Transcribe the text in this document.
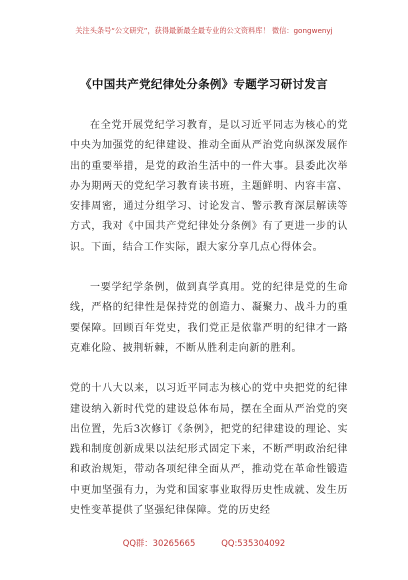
关注头条号“公文研究”，获得最新最全最专业的公文资料库！ 微信：gongwenyj
《中国共产党纪律处分条例》专题学习研讨发言

在全党开展党纪学习教育，是以习近平同志为核心的党中央为加强党的纪律建设、推动全面从严治党向纵深发展作出的重要举措，是党的政治生活中的一件大事。县委此次举办为期两天的党纪学习教育读书班，主题鲜明、内容丰富、安排周密，通过分组学习、讨论发言、警示教育深层解读等方式，我对《中国共产党纪律处分条例》有了更进一步的认识。下面，结合工作实际，跟大家分享几点心得体会。

一要学纪学条例，做到真学真用。党的纪律是党的生命线，严格的纪律性是保持党的创造力、凝聚力、战斗力的重要保障。回顾百年党史，我们党正是依靠严明的纪律才一路克难化险、披荆斩棘，不断从胜利走向新的胜利。

党的十八大以来，以习近平同志为核心的党中央把党的纪律建设纳入新时代党的建设总体布局，摆在全面从严治党的突出位置，先后3次修订《条例》，把党的纪律建设的理论、实践和制度创新成果以法纪形式固定下来，不断严明政治纪律和政治规矩，带动各项纪律全面从严，推动党在革命性锻造中更加坚强有力，为党和国家事业取得历史性成就、发生历史性变革提供了坚强纪律保障。党的历史经

QQ群：30265665	QQ:535304092
